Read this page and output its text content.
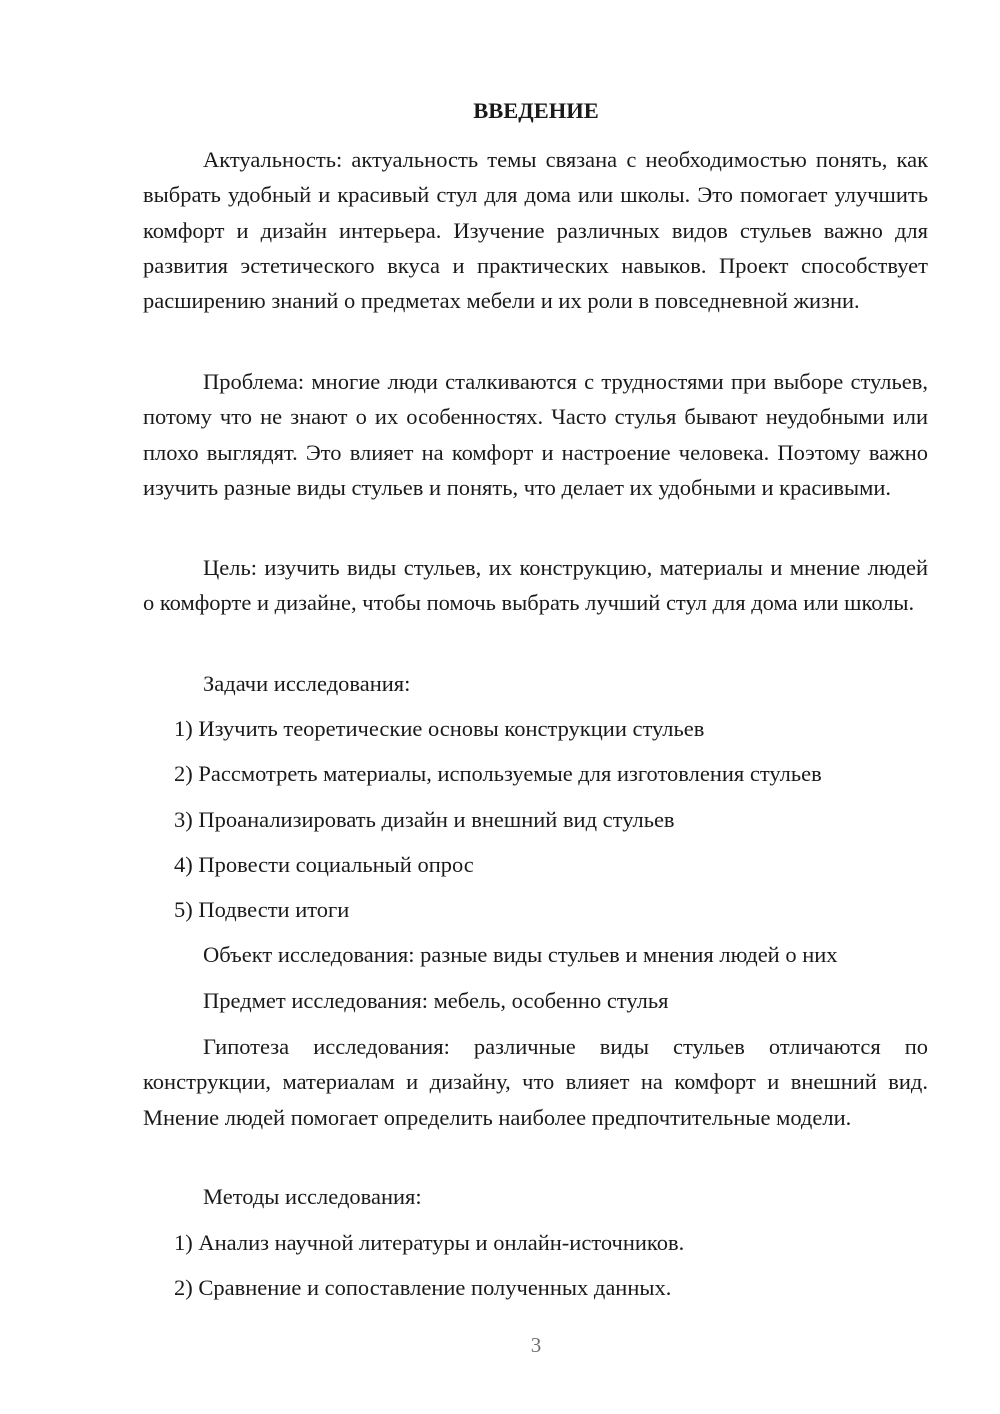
ВВЕДЕНИЕ

Актуальность: актуальность темы связана с необходимостью понять, как выбрать удобный и красивый стул для дома или школы. Это помогает улучшить комфорт и дизайн интерьера. Изучение различных видов стульев важно для развития эстетического вкуса и практических навыков. Проект способствует расширению знаний о предметах мебели и их роли в повседневной жизни.

Проблема: многие люди сталкиваются с трудностями при выборе стульев, потому что не знают о их особенностях. Часто стулья бывают неудобными или плохо выглядят. Это влияет на комфорт и настроение человека. Поэтому важно изучить разные виды стульев и понять, что делает их удобными и красивыми.

Цель: изучить виды стульев, их конструкцию, материалы и мнение людей о комфорте и дизайне, чтобы помочь выбрать лучший стул для дома или школы.

Задачи исследования:

1) Изучить теоретические основы конструкции стульев

2) Рассмотреть материалы, используемые для изготовления стульев

3) Проанализировать дизайн и внешний вид стульев

4) Провести социальный опрос

5) Подвести итоги

Объект исследования: разные виды стульев и мнения людей о них

Предмет исследования: мебель, особенно стулья

Гипотеза исследования: различные виды стульев отличаются по конструкции, материалам и дизайну, что влияет на комфорт и внешний вид. Мнение людей помогает определить наиболее предпочтительные модели.

Методы исследования:

1) Анализ научной литературы и онлайн-источников.

2) Сравнение и сопоставление полученных данных.

3
